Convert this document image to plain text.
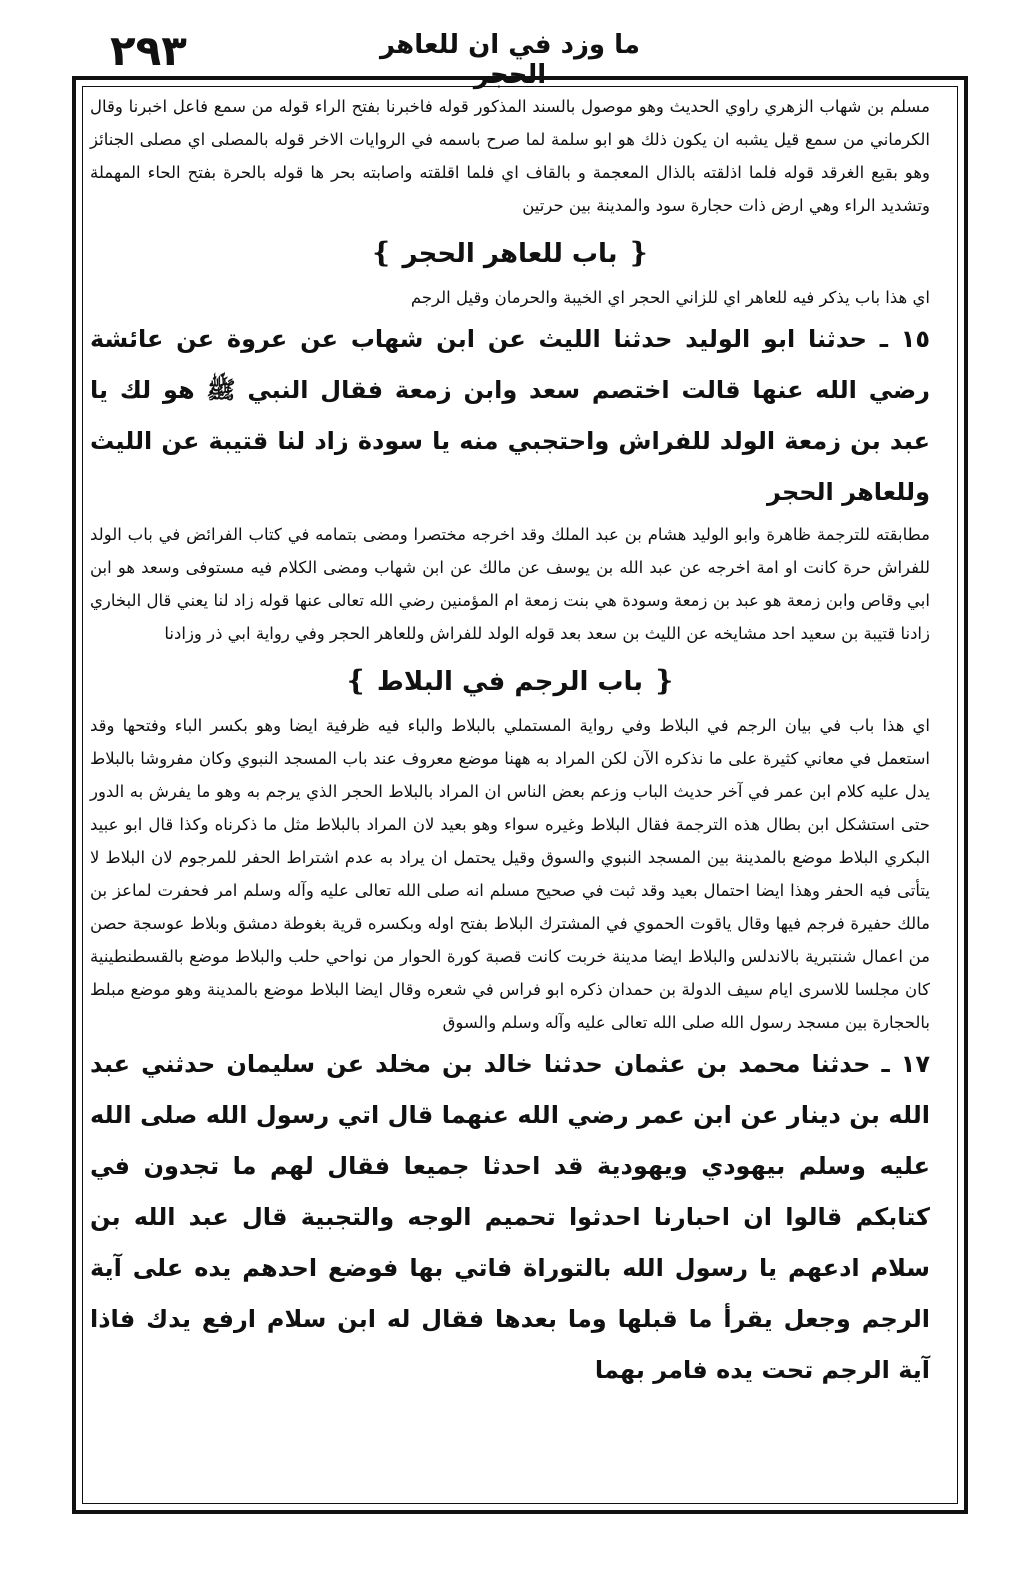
٢٩٣	ما وزد في ان للعاهر الحجر

مسلم بن شهاب الزهري راوي الحديث وهو موصول بالسند المذكور قوله فاخبرنا بفتح الراء قوله من سمع فاعل اخبرنا وقال الكرماني من سمع قيل يشبه ان يكون ذلك هو ابو سلمة لما صرح باسمه في الروايات الاخر قوله بالمصلى اي مصلى الجنائز وهو بقيع الغرقد قوله فلما اذلقته بالذال المعجمة و بالقاف اي فلما اقلقته واصابته بحر ها قوله بالحرة بفتح الحاء المهملة وتشديد الراء وهي ارض ذات حجارة سود والمدينة بين حرتين

❴ باب للعاهر الحجر ❵

اي هذا باب يذكر فيه للعاهر اي للزاني الحجر اي الخيبة والحرمان وقيل الرجم

١٥ ـ حدثنا ابو الوليد حدثنا الليث عن ابن شهاب عن عروة عن عائشة رضي الله عنها قالت اختصم سعد وابن زمعة فقال النبي ﷺ هو لك يا عبد بن زمعة الولد للفراش واحتجبي منه يا سودة زاد لنا قتيبة عن الليث وللعاهر الحجر

مطابقته للترجمة ظاهرة وابو الوليد هشام بن عبد الملك وقد اخرجه مختصرا ومضى بتمامه في كتاب الفرائض في باب الولد للفراش حرة كانت او امة اخرجه عن عبد الله بن يوسف عن مالك عن ابن شهاب ومضى الكلام فيه مستوفى وسعد هو ابن ابي وقاص وابن زمعة هو عبد بن زمعة وسودة هي بنت زمعة ام المؤمنين رضي الله تعالى عنها قوله زاد لنا يعني قال البخاري زادنا قتيبة بن سعيد احد مشايخه عن الليث بن سعد بعد قوله الولد للفراش وللعاهر الحجر وفي رواية ابي ذر وزادنا

❴ باب الرجم في البلاط ❵

اي هذا باب في بيان الرجم في البلاط وفي رواية المستملي بالبلاط والباء فيه ظرفية ايضا وهو بكسر الباء وفتحها وقد استعمل في معاني كثيرة على ما نذكره الآن لكن المراد به ههنا موضع معروف عند باب المسجد النبوي وكان مفروشا بالبلاط يدل عليه كلام ابن عمر في آخر حديث الباب وزعم بعض الناس ان المراد بالبلاط الحجر الذي يرجم به وهو ما يفرش به الدور حتى استشكل ابن بطال هذه الترجمة فقال البلاط وغيره سواء وهو بعيد لان المراد بالبلاط مثل ما ذكرناه وكذا قال ابو عبيد البكري البلاط موضع بالمدينة بين المسجد النبوي والسوق وقيل يحتمل ان يراد به عدم اشتراط الحفر للمرجوم لان البلاط لا يتأتى فيه الحفر وهذا ايضا احتمال بعيد وقد ثبت في صحيح مسلم انه صلى الله تعالى عليه وآله وسلم امر فحفرت لماعز بن مالك حفيرة فرجم فيها وقال ياقوت الحموي في المشترك البلاط بفتح اوله وبكسره قرية بغوطة دمشق وبلاط عوسجة حصن من اعمال شنتبرية بالاندلس والبلاط ايضا مدينة خربت كانت قصبة كورة الحوار من نواحي حلب والبلاط موضع بالقسطنطينية كان مجلسا للاسرى ايام سيف الدولة بن حمدان ذكره ابو فراس في شعره وقال ايضا البلاط موضع بالمدينة وهو موضع مبلط بالحجارة بين مسجد رسول الله صلى الله تعالى عليه وآله وسلم والسوق

١٧ ـ حدثنا محمد بن عثمان حدثنا خالد بن مخلد عن سليمان حدثني عبد الله بن دينار عن ابن عمر رضي الله عنهما قال اتي رسول الله صلى الله عليه وسلم بيهودي ويهودية قد احدثا جميعا فقال لهم ما تجدون في كتابكم قالوا ان احبارنا احدثوا تحميم الوجه والتجبية قال عبد الله بن سلام ادعهم يا رسول الله بالتوراة فاتي بها فوضع احدهم يده على آية الرجم وجعل يقرأ ما قبلها وما بعدها فقال له ابن سلام ارفع يدك فاذا آية الرجم تحت يده فامر بهما
